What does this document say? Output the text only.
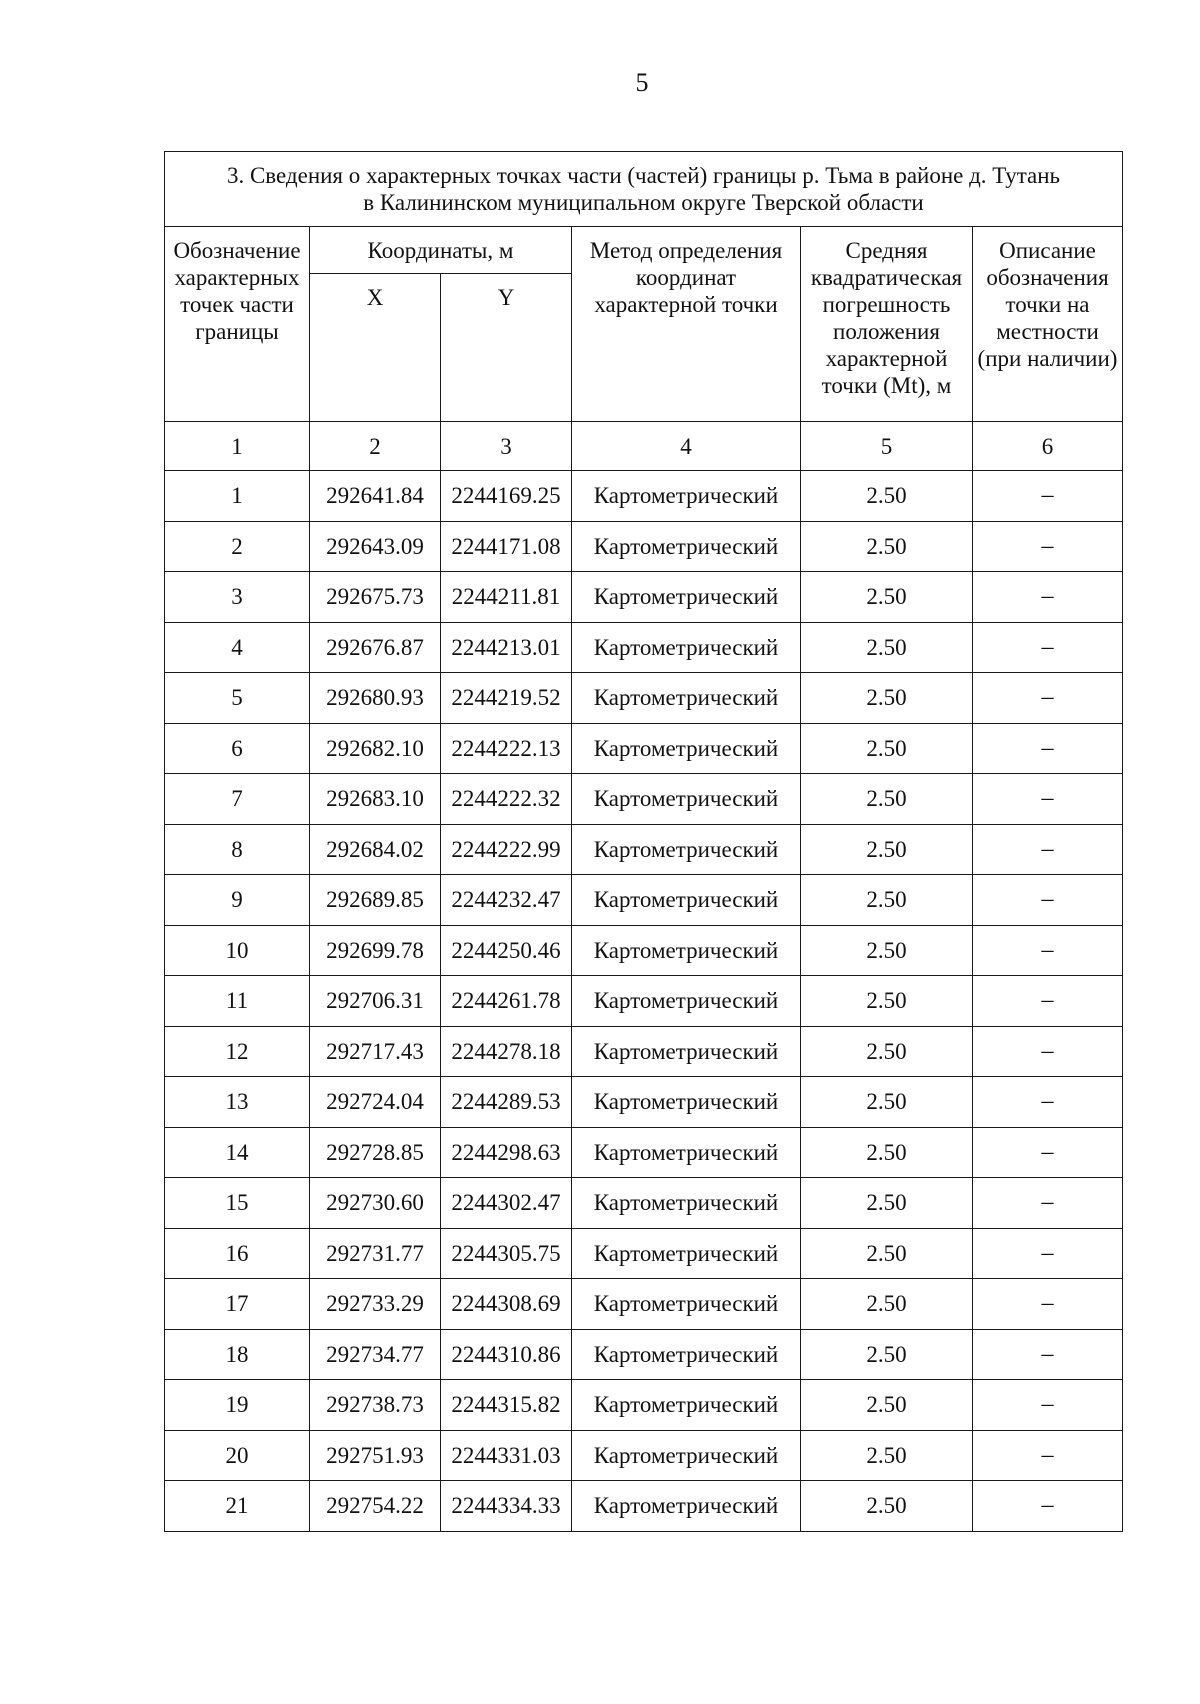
5
3. Сведения о характерных точках части (частей) границы р. Тьма в районе д. Тутань
в Калининском муниципальном округе Тверской области					

Обозначение характерных точек части границы	Координаты, м		Метод определения координат характерной точки	Средняя квадратическая погрешность положения характерной точки (Mt), м	Описание обозначения точки на местности (при наличии)
	X	Y			
1	2	3	4	5	6
1	292641.84	2244169.25	Картометрический	2.50	–
2	292643.09	2244171.08	Картометрический	2.50	–
3	292675.73	2244211.81	Картометрический	2.50	–
4	292676.87	2244213.01	Картометрический	2.50	–
5	292680.93	2244219.52	Картометрический	2.50	–
6	292682.10	2244222.13	Картометрический	2.50	–
7	292683.10	2244222.32	Картометрический	2.50	–
8	292684.02	2244222.99	Картометрический	2.50	–
9	292689.85	2244232.47	Картометрический	2.50	–
10	292699.78	2244250.46	Картометрический	2.50	–
11	292706.31	2244261.78	Картометрический	2.50	–
12	292717.43	2244278.18	Картометрический	2.50	–
13	292724.04	2244289.53	Картометрический	2.50	–
14	292728.85	2244298.63	Картометрический	2.50	–
15	292730.60	2244302.47	Картометрический	2.50	–
16	292731.77	2244305.75	Картометрический	2.50	–
17	292733.29	2244308.69	Картометрический	2.50	–
18	292734.77	2244310.86	Картометрический	2.50	–
19	292738.73	2244315.82	Картометрический	2.50	–
20	292751.93	2244331.03	Картометрический	2.50	–
21	292754.22	2244334.33	Картометрический	2.50	–
